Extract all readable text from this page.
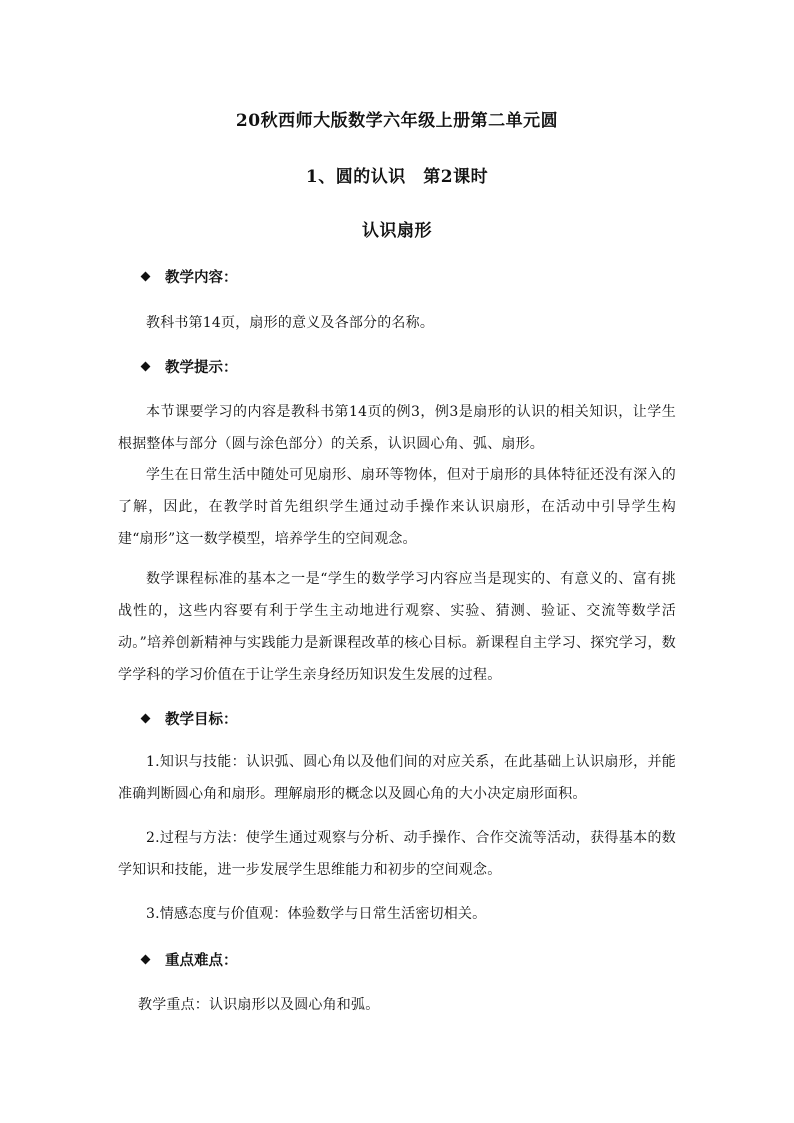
20秋西师大版数学六年级上册第二单元圆
1、圆的认识　第2课时
认识扇形
教学内容：
教科书第14页，扇形的意义及各部分的名称。
教学提示：
本节课要学习的内容是教科书第14页的例3，例3是扇形的认识的相关知识，让学生根据整体与部分（圆与涂色部分）的关系，认识圆心角、弧、扇形。
学生在日常生活中随处可见扇形、扇环等物体，但对于扇形的具体特征还没有深入的了解，因此，在教学时首先组织学生通过动手操作来认识扇形，在活动中引导学生构建“扇形”这一数学模型，培养学生的空间观念。
数学课程标准的基本之一是“学生的数学学习内容应当是现实的、有意义的、富有挑战性的，这些内容要有利于学生主动地进行观察、实验、猜测、验证、交流等数学活动。”培养创新精神与实践能力是新课程改革的核心目标。新课程自主学习、探究学习，数学学科的学习价值在于让学生亲身经历知识发生发展的过程。
教学目标：
1.知识与技能：认识弧、圆心角以及他们间的对应关系，在此基础上认识扇形，并能准确判断圆心角和扇形。理解扇形的概念以及圆心角的大小决定扇形面积。
2.过程与方法：使学生通过观察与分析、动手操作、合作交流等活动，获得基本的数学知识和技能，进一步发展学生思维能力和初步的空间观念。
3.情感态度与价值观：体验数学与日常生活密切相关。
重点难点：
教学重点：认识扇形以及圆心角和弧。
